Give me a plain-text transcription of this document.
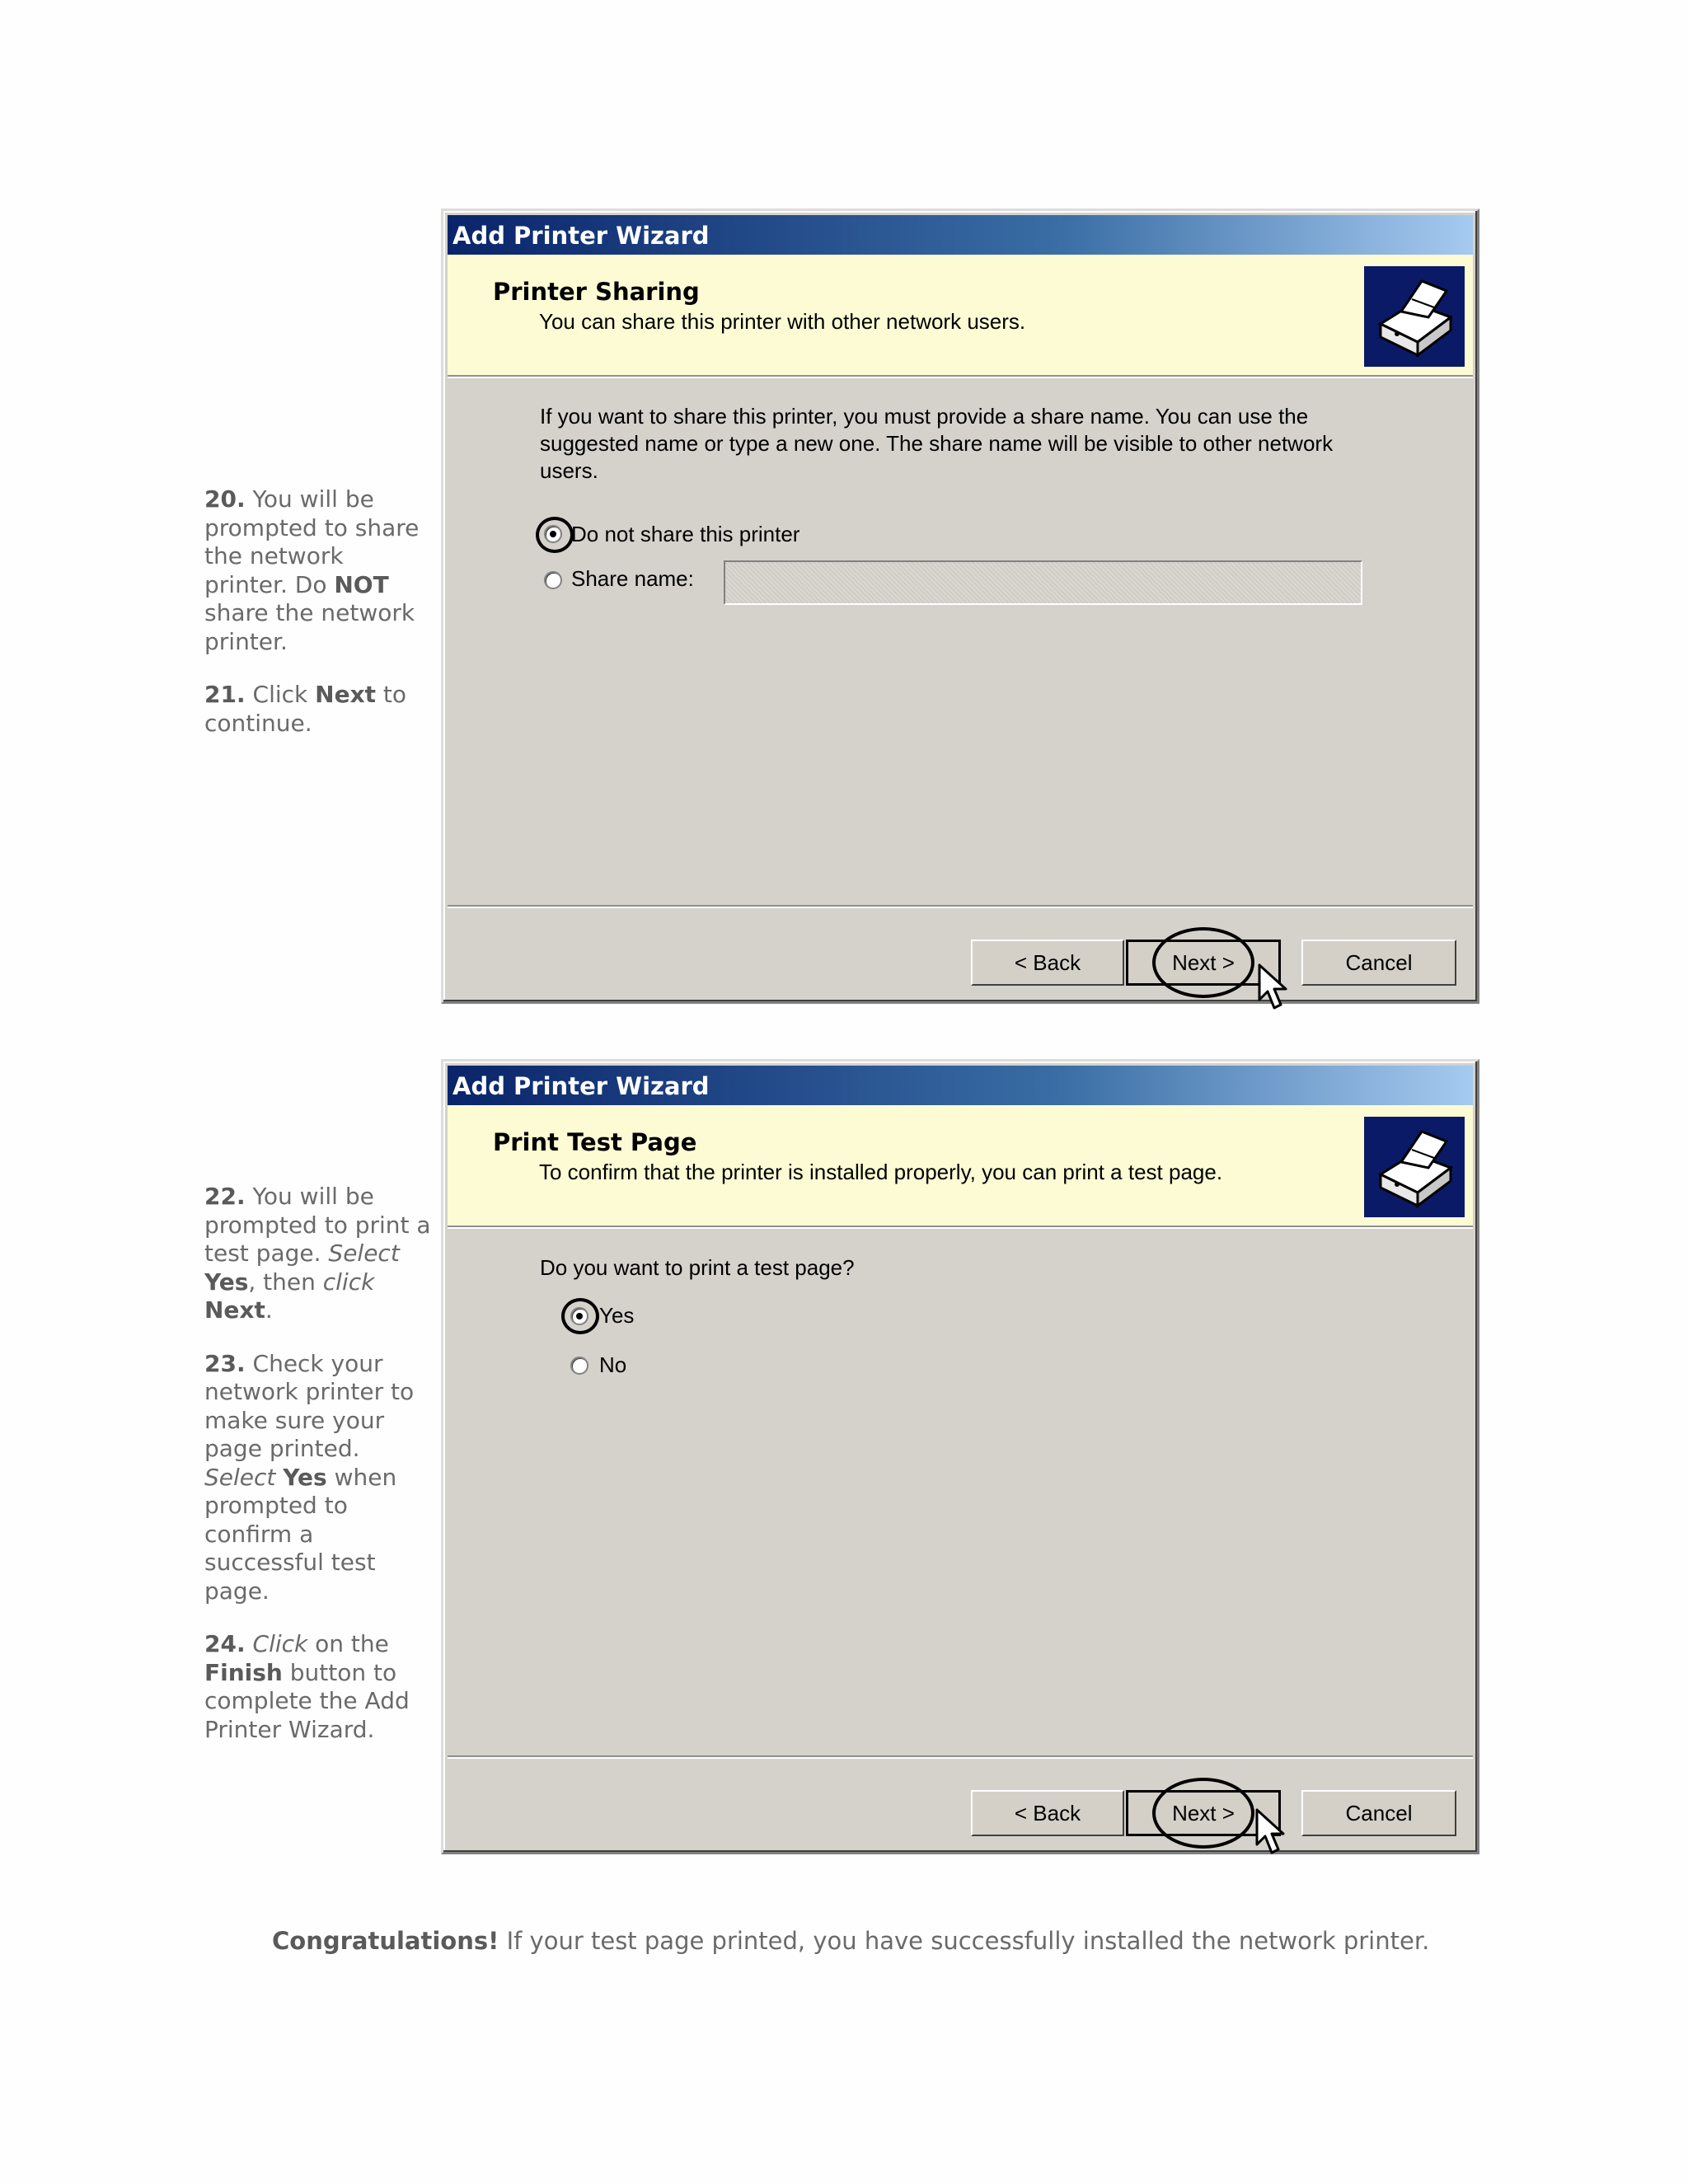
20. You will be prompted to share the network printer. Do NOT share the network printer.

21. Click Next to continue.

Add Printer Wizard
Printer Sharing
You can share this printer with other network users.
If you want to share this printer, you must provide a share name. You can use the suggested name or type a new one. The share name will be visible to other network users.
Do not share this printer
Share name:
< Back	Next >	Cancel

22. You will be prompted to print a test page. Select Yes, then click Next.

23. Check your network printer to make sure your page printed. Select Yes when prompted to confirm a successful test page.

24. Click on the Finish button to complete the Add Printer Wizard.

Add Printer Wizard
Print Test Page
To confirm that the printer is installed properly, you can print a test page.
Do you want to print a test page?
Yes
No
< Back	Next >	Cancel
Congratulations! If your test page printed, you have successfully installed the network printer.
